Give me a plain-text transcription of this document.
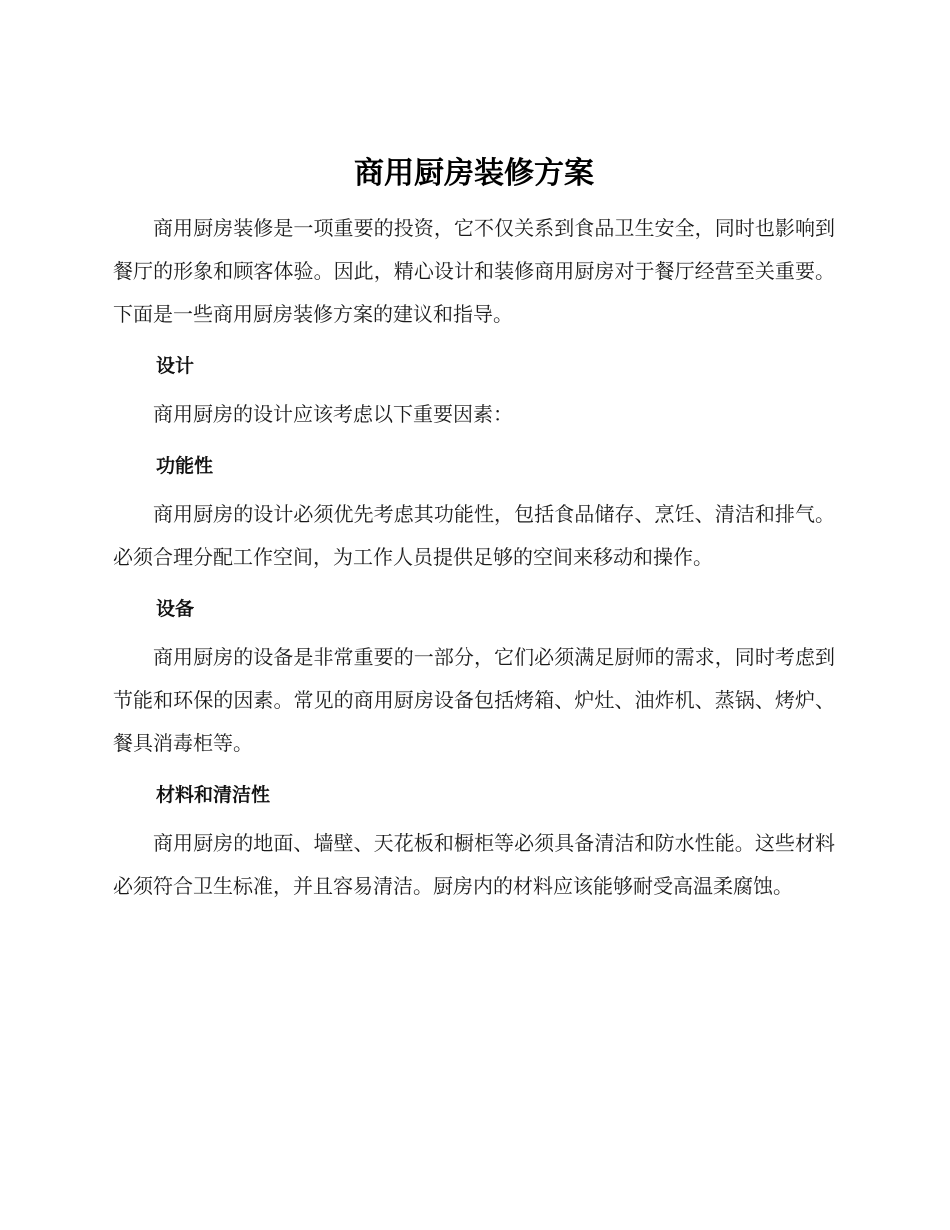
商用厨房装修方案

商用厨房装修是一项重要的投资，它不仅关系到食品卫生安全，同时也影响到餐厅的形象和顾客体验。因此，精心设计和装修商用厨房对于餐厅经营至关重要。下面是一些商用厨房装修方案的建议和指导。

设计

商用厨房的设计应该考虑以下重要因素：

功能性

商用厨房的设计必须优先考虑其功能性，包括食品储存、烹饪、清洁和排气。必须合理分配工作空间，为工作人员提供足够的空间来移动和操作。

设备

商用厨房的设备是非常重要的一部分，它们必须满足厨师的需求，同时考虑到节能和环保的因素。常见的商用厨房设备包括烤箱、炉灶、油炸机、蒸锅、烤炉、餐具消毒柜等。

材料和清洁性

商用厨房的地面、墙壁、天花板和橱柜等必须具备清洁和防水性能。这些材料必须符合卫生标准，并且容易清洁。厨房内的材料应该能够耐受高温柔腐蚀。
